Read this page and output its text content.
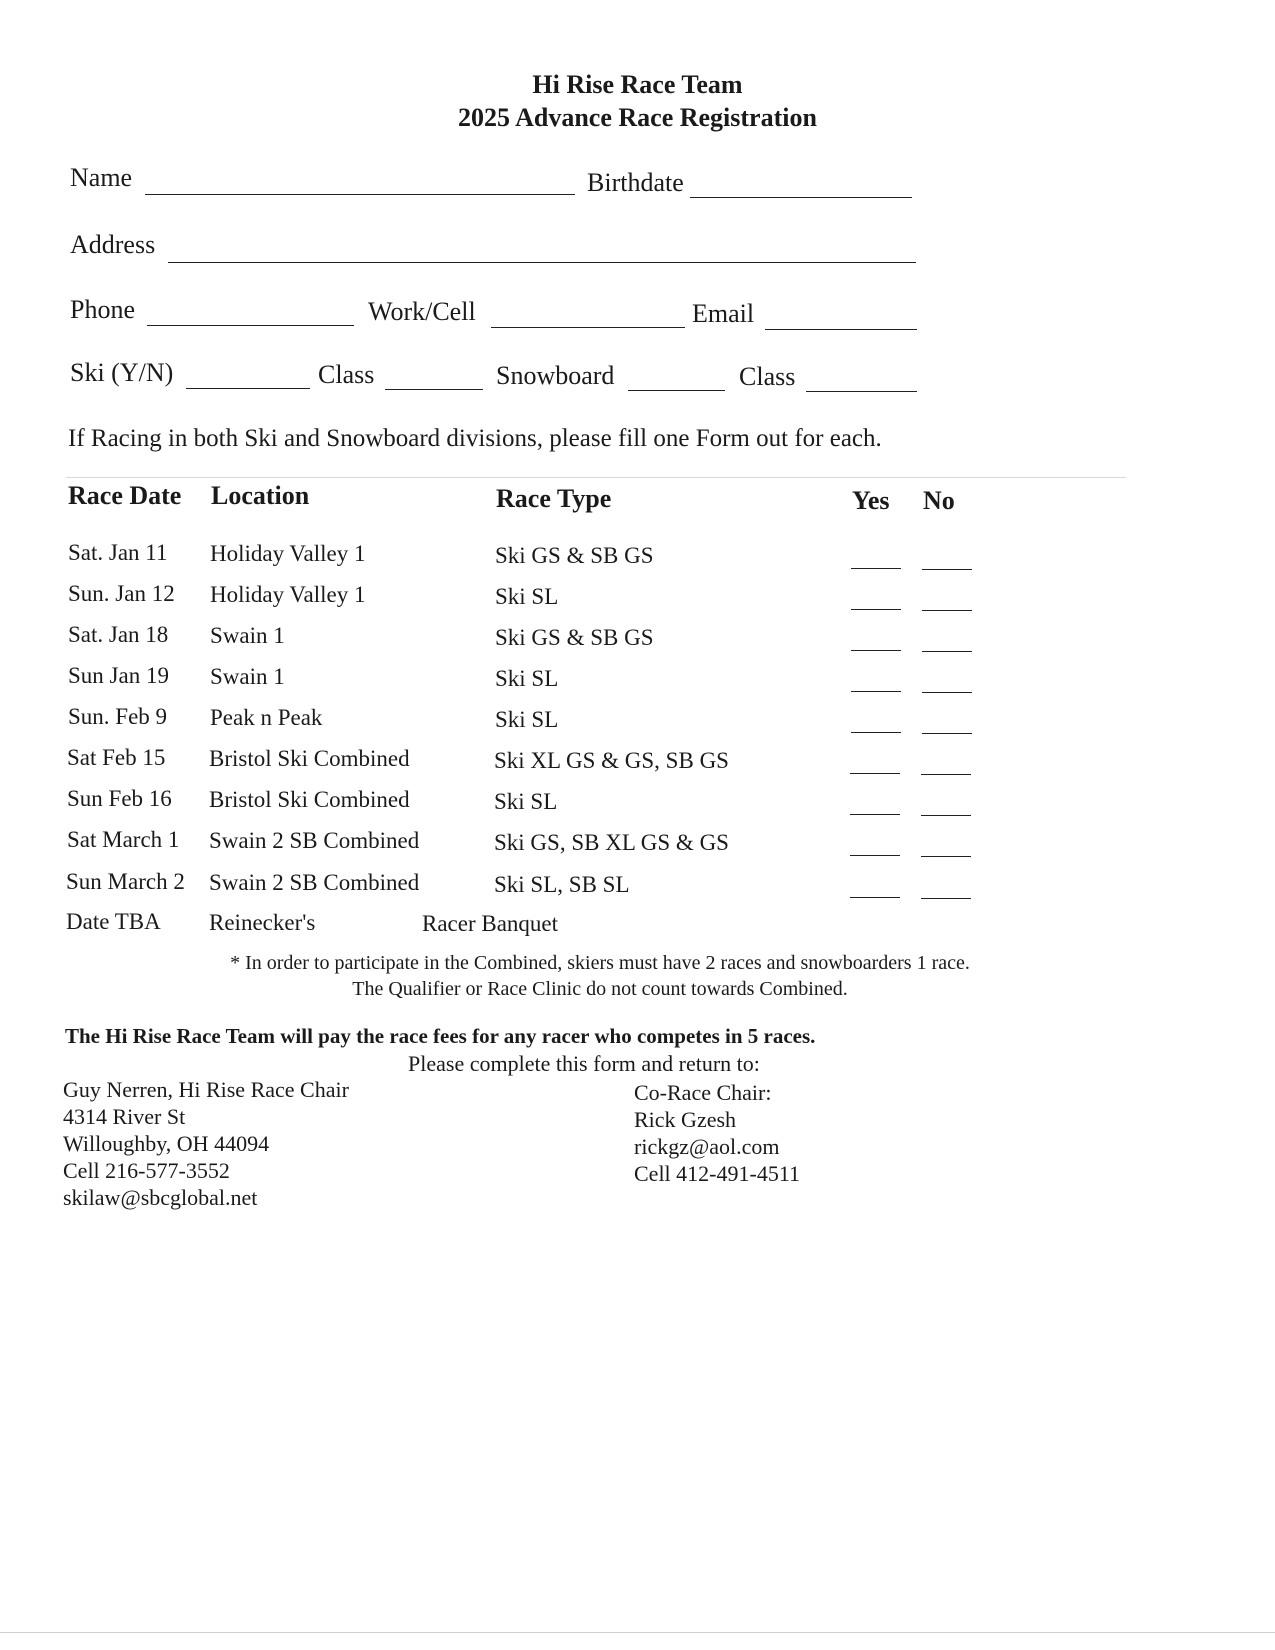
Hi Rise Race Team
2025 Advance Race Registration
Name	Birthdate
Address
Phone	Work/Cell	Email
Ski (Y/N)	Class	Snowboard	Class
If Racing in both Ski and Snowboard divisions, please fill one Form out for each.
Race Date Location	Race Type	Yes No
Sat. Jan 11 Holiday Valley 1	Ski GS & SB GS
Sun. Jan 12 Holiday Valley 1	Ski SL
Sat. Jan 18 Swain 1	Ski GS & SB GS
Sun Jan 19 Swain 1	Ski SL
Sun. Feb 9 Peak n Peak	Ski SL
Sat Feb 15 Bristol Ski Combined	Ski XL GS & GS, SB GS
Sun Feb 16 Bristol Ski Combined	Ski SL
Sat March 1 Swain 2 SB Combined	Ski GS, SB XL GS & GS
Sun March 2 Swain 2 SB Combined	Ski SL, SB SL
Date TBA Reinecker's	Racer Banquet
* In order to participate in the Combined, skiers must have 2 races and snowboarders 1 race.
The Qualifier or Race Clinic do not count towards Combined.
The Hi Rise Race Team will pay the race fees for any racer who competes in 5 races.
Please complete this form and return to:
Guy Nerren, Hi Rise Race Chair
4314 River St
Willoughby, OH 44094
Cell 216-577-3552
skilaw@sbcglobal.net
Co-Race Chair:
Rick Gzesh
rickgz@aol.com
Cell 412-491-4511
